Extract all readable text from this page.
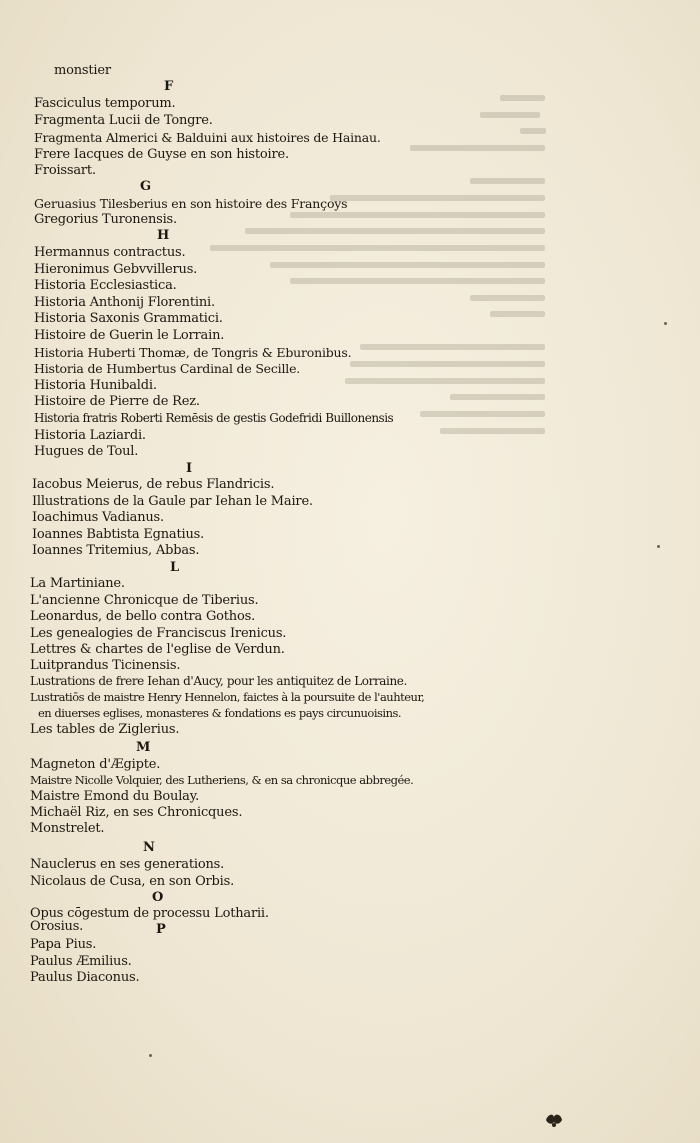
monstier
F
Fasciculus temporum.
Fragmenta Lucii de Tongre.
Fragmenta Almerici & Balduini aux histoires de Hainau.
Frere Iacques de Guyse en son histoire.
Froissart.
G
Geruasius Tilesberius en son histoire des Françoys
Gregorius Turonensis.
H
Hermannus contractus.
Hieronimus Gebvvillerus.
Historia Ecclesiastica.
Historia Anthonij Florentini.
Historia Saxonis Grammatici.
Histoire de Guerin le Lorrain.
Historia Huberti Thomæ, de Tongris & Eburonibus.
Historia de Humbertus Cardinal de Secille.
Historia Hunibaldi.
Histoire de Pierre de Rez.
Historia fratris Roberti Remēsis de gestis Godefridi Buillonensis
Historia Laziardi.
Hugues de Toul.
I
Iacobus Meierus, de rebus Flandricis.
Illustrations de la Gaule par Iehan le Maire.
Ioachimus Vadianus.
Ioannes Babtista Egnatius.
Ioannes Tritemius, Abbas.
L
La Martiniane.
L'ancienne Chronicque de Tiberius.
Leonardus, de bello contra Gothos.
Les genealogies de Franciscus Irenicus.
Lettres & chartes de l'eglise de Verdun.
Luitprandus Ticinensis.
Lustrations de frere Iehan d'Aucy, pour les antiquitez de Lorraine.
Lustratiōs de maistre Henry Hennelon, faictes à la poursuite de l'auhteur,
en diuerses eglises, monasteres & fondations es pays circunuoisins.
Les tables de Ziglerius.
M
Magneton d'Ægipte.
Maistre Nicolle Volquier, des Lutheriens, & en sa chronicque abbregée.
Maistre Emond du Boulay.
Michaël Riz, en ses Chronicques.
Monstrelet.
N
Nauclerus en ses generations.
Nicolaus de Cusa, en son Orbis.
O
Opus cōgestum de processu Lotharii.
Orosius.	P
Papa Pius.
Paulus Æmilius.
Paulus Diaconus.
